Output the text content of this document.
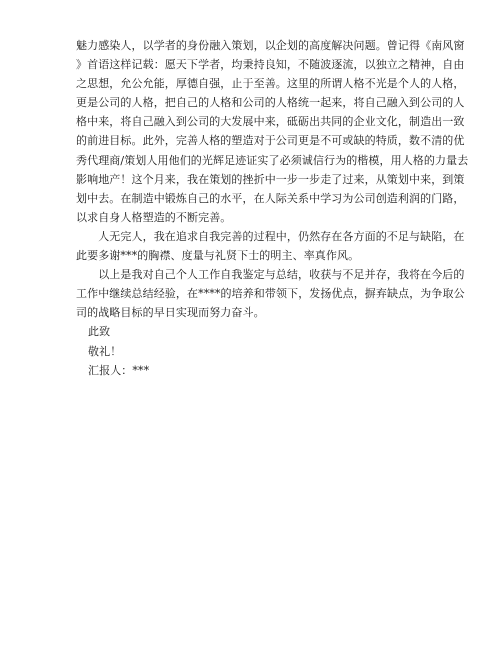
魅力感染人，以学者的身份融入策划，以企划的高度解决问题。曾记得《南风窗
》首语这样记载：愿天下学者，均秉持良知，不随波逐流，以独立之精神，自由
之思想，允公允能，厚德自强，止于至善。这里的所谓人格不光是个人的人格，
更是公司的人格，把自己的人格和公司的人格统一起来，将自己融入到公司的人
格中来，将自己融入到公司的大发展中来，砥砺出共同的企业文化，制造出一致
的前进目标。此外，完善人格的塑造对于公司更是不可或缺的特质，数不清的优
秀代理商/策划人用他们的光辉足迹证实了必须诚信行为的楷模，用人格的力量去
影响地产！这个月来，我在策划的挫折中一步一步走了过来，从策划中来，到策
划中去。在制造中锻炼自己的水平，在人际关系中学习为公司创造利润的门路，
以求自身人格塑造的不断完善。
　　人无完人，我在追求自我完善的过程中，仍然存在各方面的不足与缺陷，在
此要多谢***的胸襟、度量与礼贤下士的明主、率真作风。
　　以上是我对自己个人工作自我鉴定与总结，收获与不足并存，我将在今后的
工作中继续总结经验，在****的培养和带领下，发扬优点，摒弃缺点，为争取公
司的战略目标的早日实现而努力奋斗。
此致
敬礼！
汇报人：***
